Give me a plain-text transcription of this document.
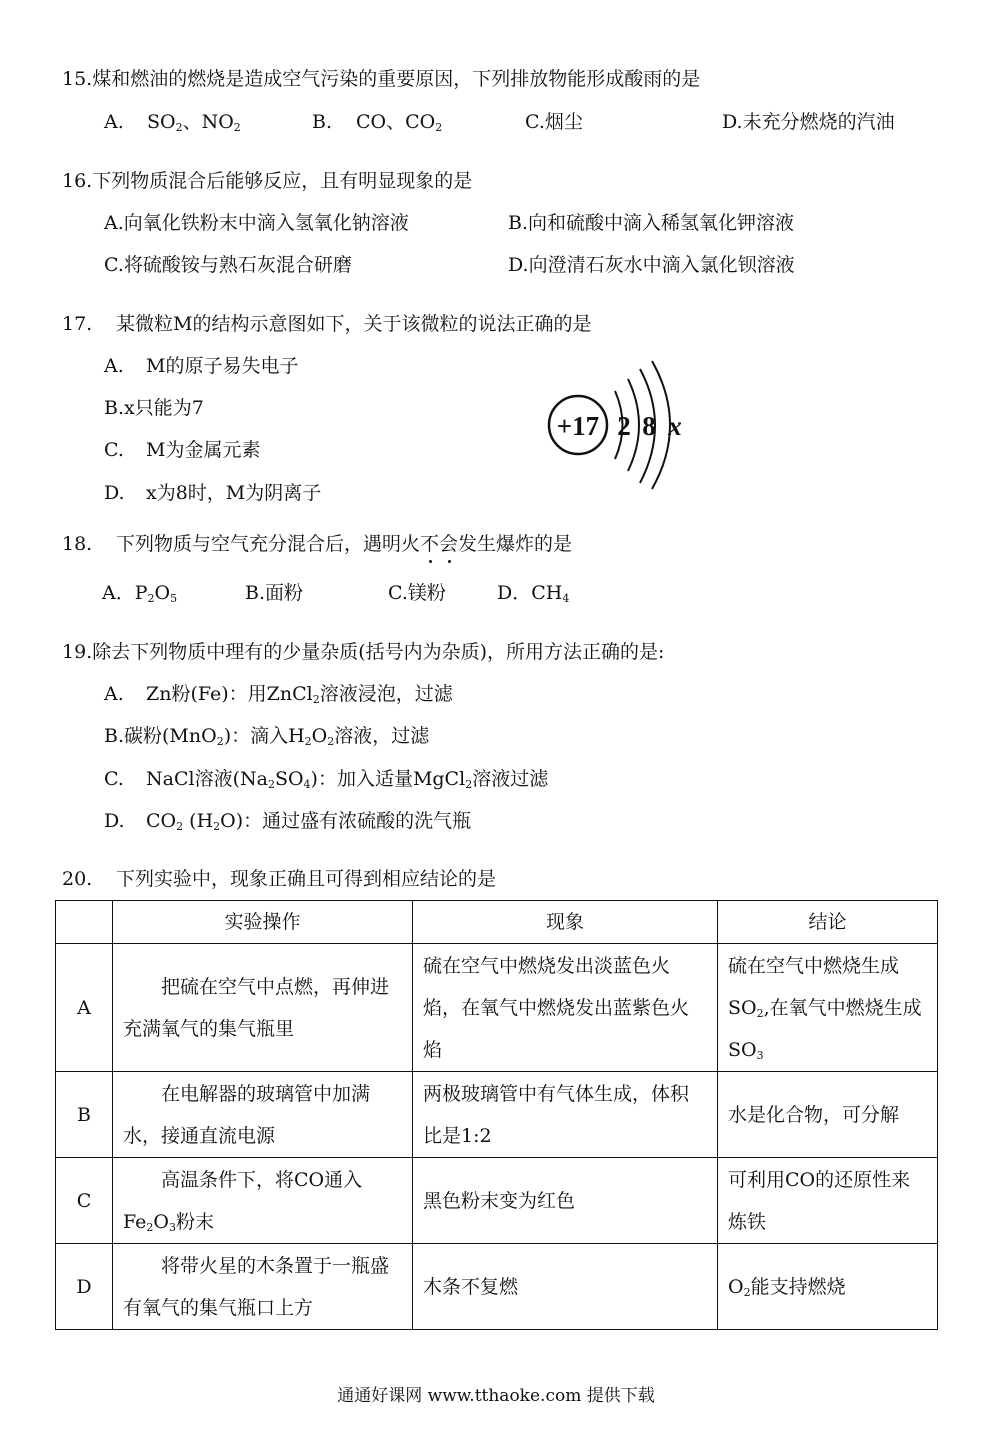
15.煤和燃油的燃烧是造成空气污染的重要原因，下列排放物能形成酸雨的是
A. $SO_2$、$NO_2$	B. CO、$CO_2$	C.烟尘	D.未充分燃烧的汽油
16.下列物质混合后能够反应，且有明显现象的是
A.向氧化铁粉末中滴入氢氧化钠溶液	B.向和硫酸中滴入稀氢氧化钾溶液
C.将硫酸铵与熟石灰混合研磨	D.向澄清石灰水中滴入氯化钡溶液
17. 某微粒M的结构示意图如下，关于该微粒的说法正确的是
A. M的原子易失电子
B.x只能为7
C. M为金属元素
D. x为8时，M为阴离子
+17 2 8 x
18. 下列物质与空气充分混合后，遇明火不会发生爆炸的是
A．$P_2O_5$	B.面粉	C.镁粉	D．$CH_4$
19.除去下列物质中理有的少量杂质(括号内为杂质)，所用方法正确的是:
A. Zn粉(Fe)：用ZnCl$_2$溶液浸泡，过滤
B.碳粉(MnO$_2$)：滴入$H_2O_2$溶液，过滤
C. NaCl溶液$(Na_2SO_4)$：加入适量MgCl$_2$溶液过滤
D. $CO_2$ $(H_2O)$：通过盛有浓硫酸的洗气瓶
20. 下列实验中，现象正确且可得到相应结论的是
	实验操作	现象	结论
A	把硫在空气中点燃，再伸进充满氧气的集气瓶里	硫在空气中燃烧发出淡蓝色火焰，在氧气中燃烧发出蓝紫色火焰	硫在空气中燃烧生成$SO_2$,在氧气中燃烧生成$SO_3$
B	在电解器的玻璃管中加满水，接通直流电源	两极玻璃管中有气体生成，体积比是1:2	水是化合物，可分解
C	高温条件下，将CO通入$Fe_2O_3$粉末	黑色粉末变为红色	可利用CO的还原性来炼铁
D	将带火星的木条置于一瓶盛有氧气的集气瓶口上方	木条不复燃	$O_2$能支持燃烧
通通好课网 www.tthaoke.com 提供下载
